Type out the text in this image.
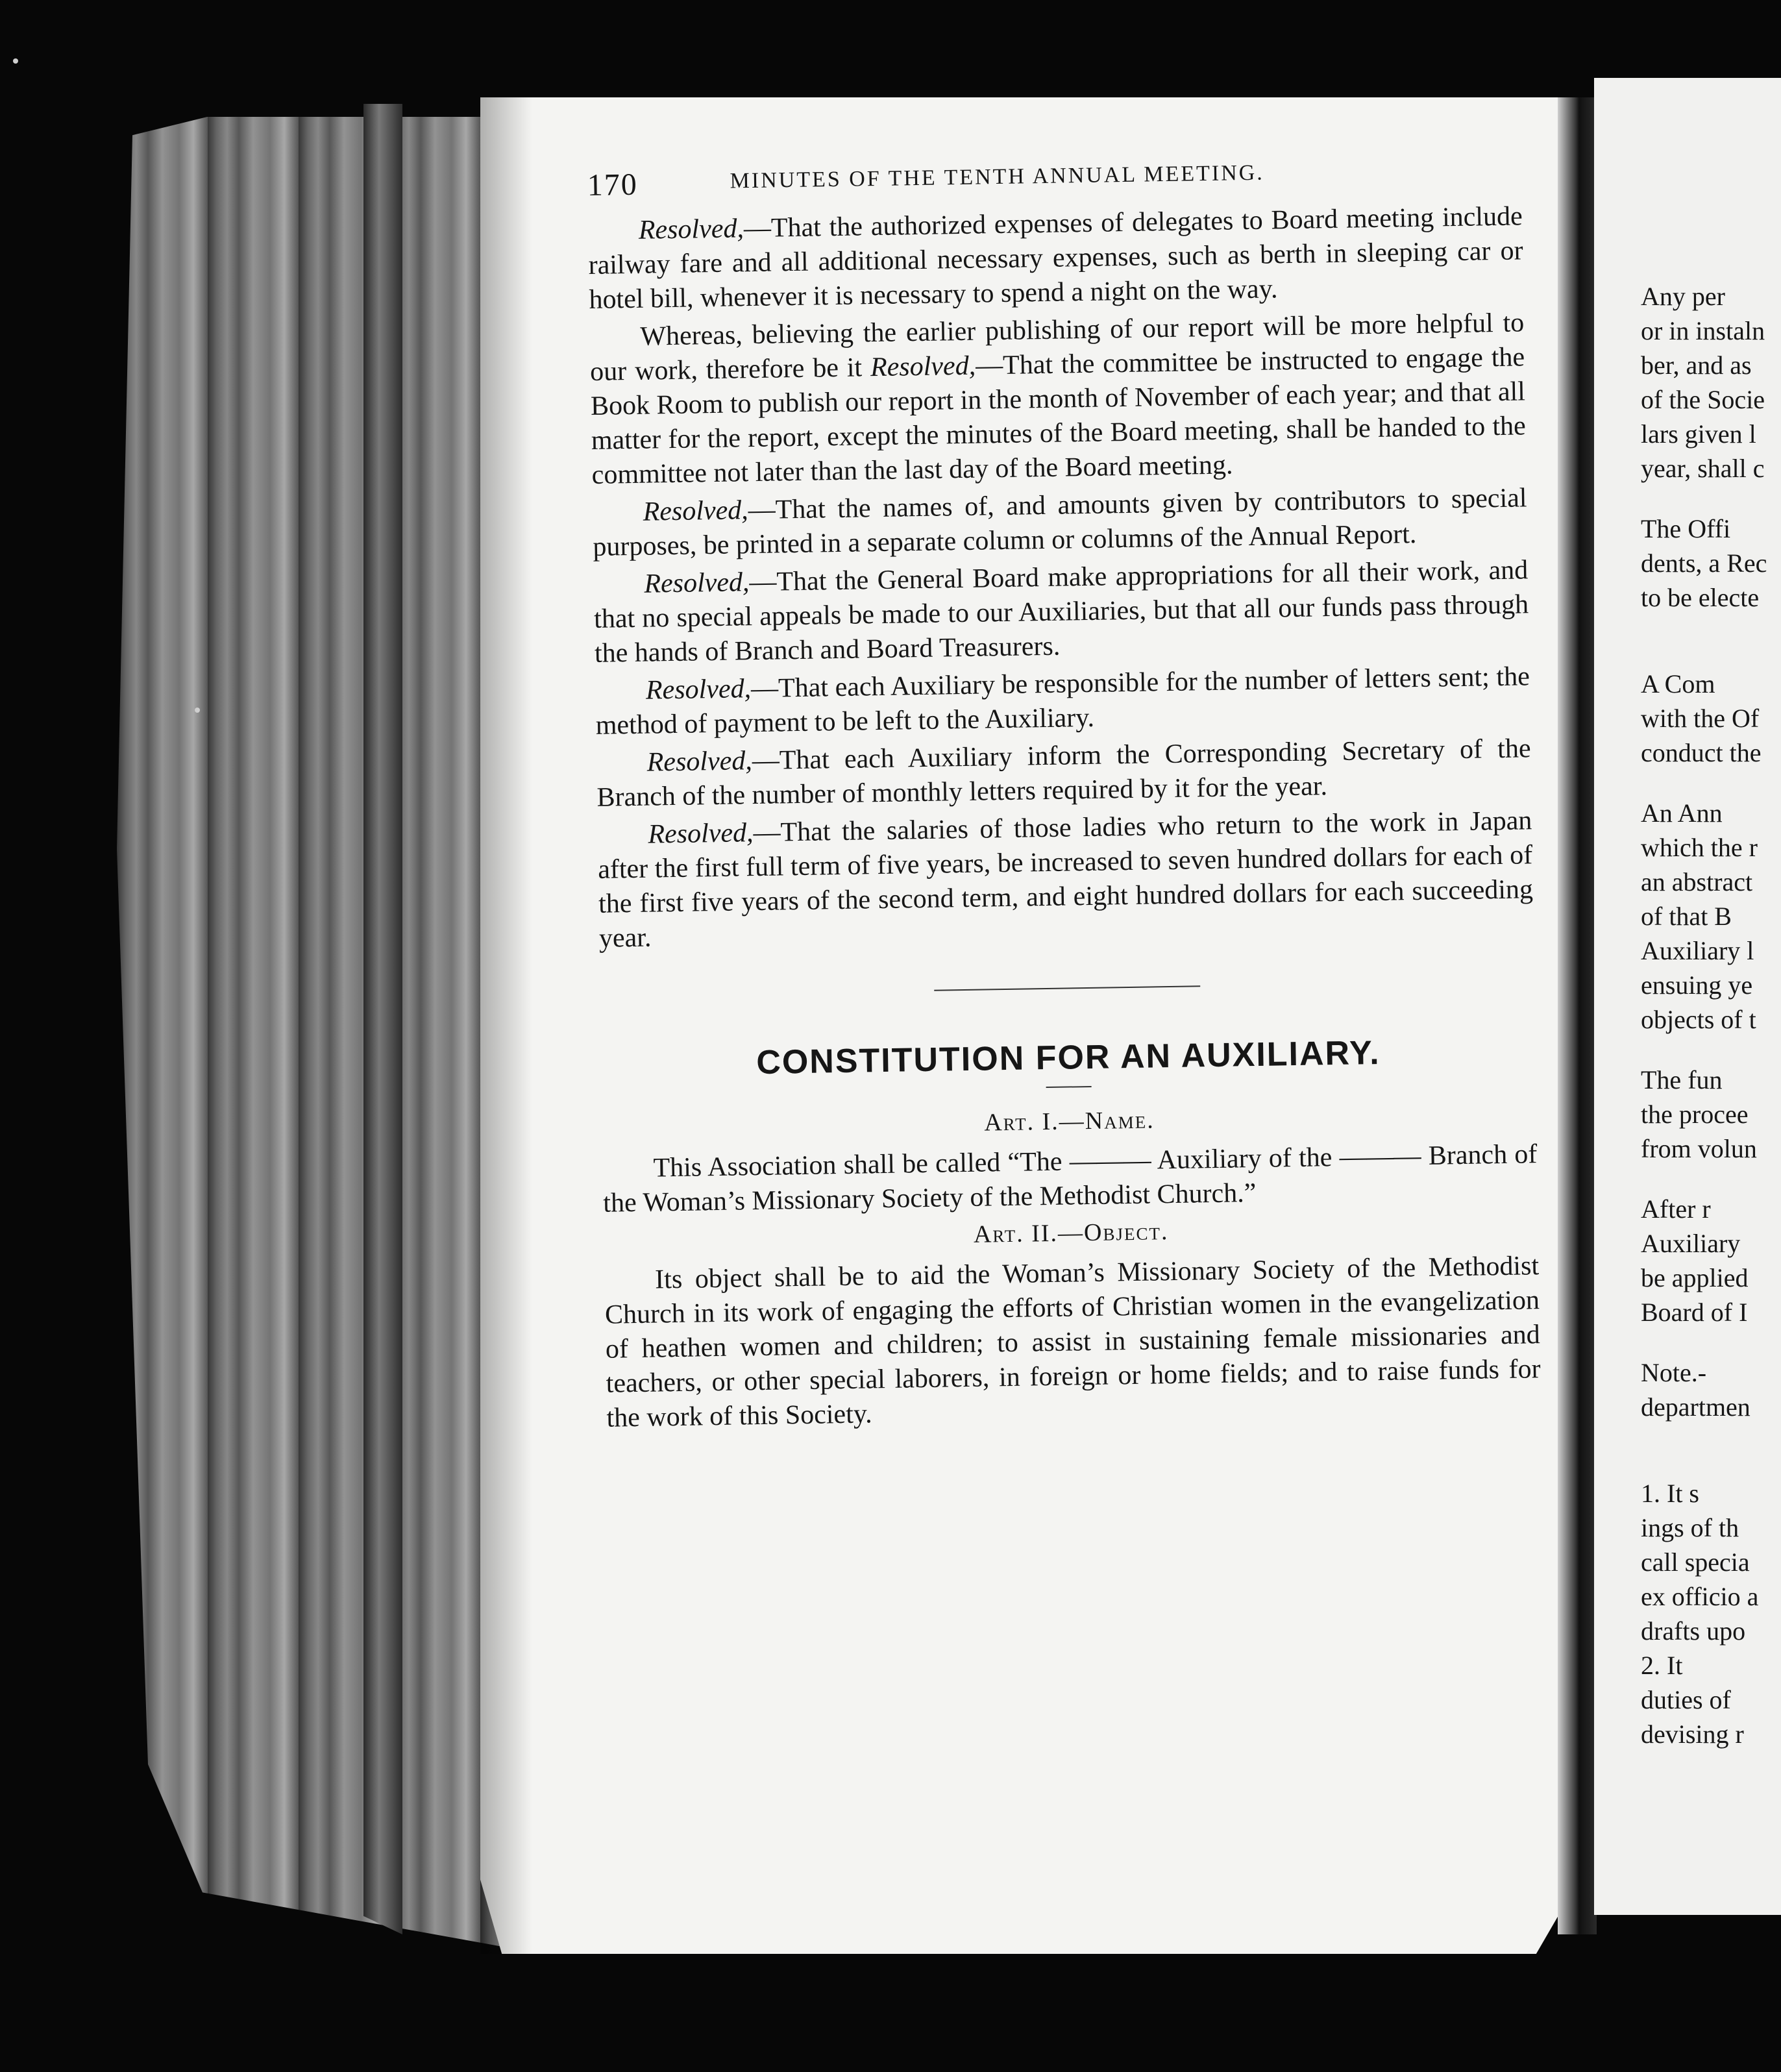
170	MINUTES OF THE TENTH ANNUAL MEETING.

Resolved,—That the authorized expenses of delegates to Board meeting include railway fare and all additional necessary expenses, such as berth in sleeping car or hotel bill, whenever it is necessary to spend a night on the way.

Whereas, believing the earlier publishing of our report will be more helpful to our work, therefore be it Resolved,—That the committee be instructed to engage the Book Room to publish our report in the month of November of each year; and that all matter for the report, except the minutes of the Board meeting, shall be handed to the committee not later than the last day of the Board meeting.

Resolved,—That the names of, and amounts given by contributors to special purposes, be printed in a separate column or columns of the Annual Report.

Resolved,—That the General Board make appropriations for all their work, and that no special appeals be made to our Auxiliaries, but that all our funds pass through the hands of Branch and Board Treasurers.

Resolved,—That each Auxiliary be responsible for the number of letters sent; the method of payment to be left to the Auxiliary.

Resolved,—That each Auxiliary inform the Corresponding Secretary of the Branch of the number of monthly letters required by it for the year.

Resolved,—That the salaries of those ladies who return to the work in Japan after the first full term of five years, be increased to seven hundred dollars for each of the first five years of the second term, and eight hundred dollars for each succeeding year.

CONSTITUTION FOR AN AUXILIARY.
Art. I.—Name.

This Association shall be called “The ——— Auxiliary of the ——— Branch of the Woman’s Missionary Society of the Methodist Church.”

Art. II.—Object.

Its object shall be to aid the Woman’s Missionary Society of the Methodist Church in its work of engaging the efforts of Christian women in the evangelization of heathen women and children; to assist in sustaining female missionaries and teachers, or other special laborers, in foreign or home fields; and to raise funds for the work of this Society.

Any per
or in instaln
ber, and as
of the Socie
lars given l
year, shall c
The Offi
dents, a Rec
to be electe
A Com
with the Of
conduct the
An Ann
which the r
an abstract
of that B
Auxiliary l
ensuing ye
objects of t
The fun
the procee
from volun
After r
Auxiliary
be applied
Board of I
Note.-
departmen
1. It s
ings of th
call specia
ex officio a
drafts upo
2. It
duties of
devising r
